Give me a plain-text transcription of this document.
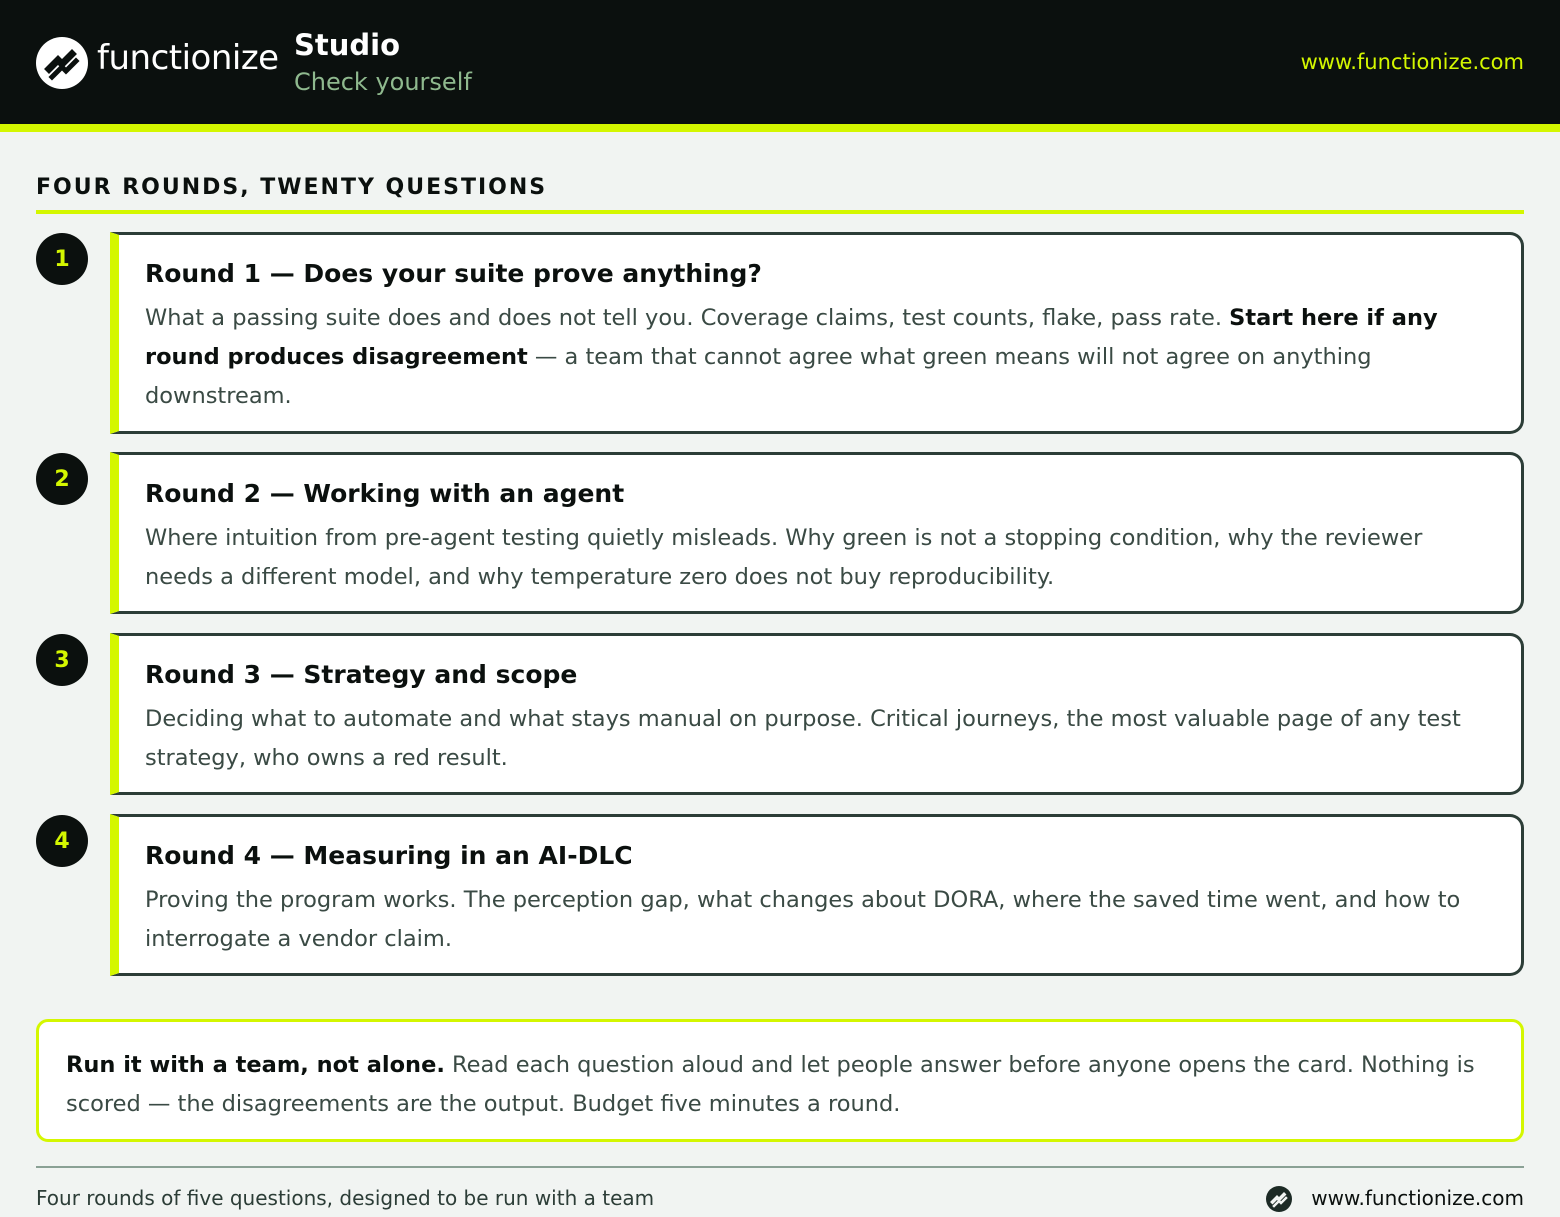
functionize Studio
Check yourself
www.functionize.com
FOUR ROUNDS, TWENTY QUESTIONS
1	Round 1 — Does your suite prove anything?
What a passing suite does and does not tell you. Coverage claims, test counts, flake, pass rate. Start here if any round produces disagreement — a team that cannot agree what green means will not agree on anything downstream.
2	Round 2 — Working with an agent
Where intuition from pre-agent testing quietly misleads. Why green is not a stopping condition, why the reviewer needs a different model, and why temperature zero does not buy reproducibility.
3	Round 3 — Strategy and scope
Deciding what to automate and what stays manual on purpose. Critical journeys, the most valuable page of any test strategy, who owns a red result.
4	Round 4 — Measuring in an AI-DLC
Proving the program works. The perception gap, what changes about DORA, where the saved time went, and how to interrogate a vendor claim.
Run it with a team, not alone. Read each question aloud and let people answer before anyone opens the card. Nothing is scored — the disagreements are the output. Budget five minutes a round.
Four rounds of five questions, designed to be run with a team	www.functionize.com
